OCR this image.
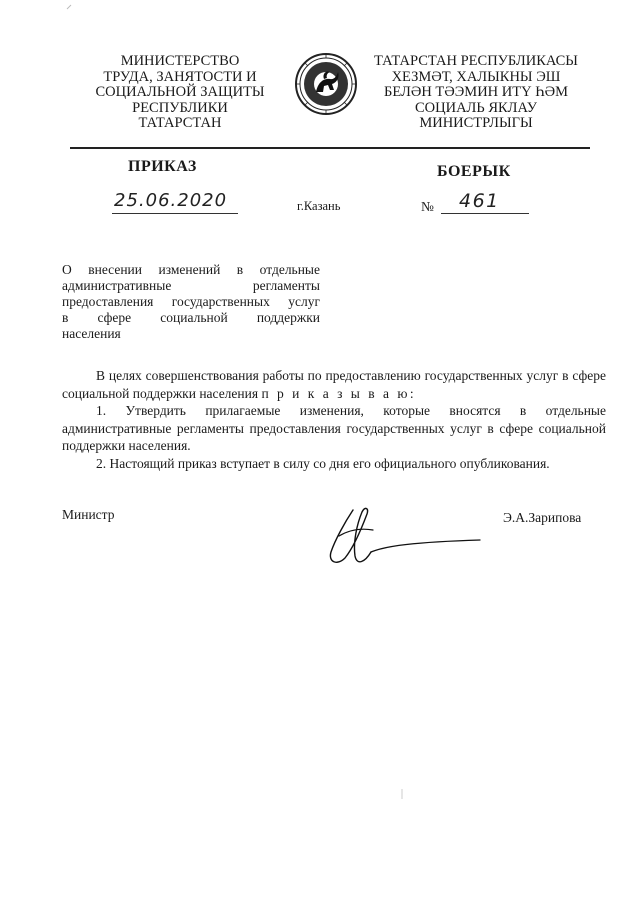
МИНИСТЕРСТВО
ТРУДА, ЗАНЯТОСТИ И
СОЦИАЛЬНОЙ ЗАЩИТЫ
РЕСПУБЛИКИ
ТАТАРСТАН
ТАТАРСТАН РЕСПУБЛИКАСЫ
ХЕЗМӘТ, ХАЛЫКНЫ ЭШ
БЕЛӘН ТӘЭМИН ИТҮ ҺӘМ
СОЦИАЛЬ ЯКЛАУ
МИНИСТРЛЫГЫ
ПРИКАЗ	БОЕРЫК
25.06.2020	г.Казань	№ 461
О внесении изменений в отдельные
административные регламенты
предоставления государственных услуг
в сфере социальной поддержки
населения

В целях совершенствования работы по предоставлению государственных услуг в сфере социальной поддержки населения п р и к а з ы в а ю:

1. Утвердить прилагаемые изменения, которые вносятся в отдельные административные регламенты предоставления государственных услуг в сфере социальной поддержки населения.

2. Настоящий приказ вступает в силу со дня его официального опубликования.

Министр	Э.А.Зарипова
